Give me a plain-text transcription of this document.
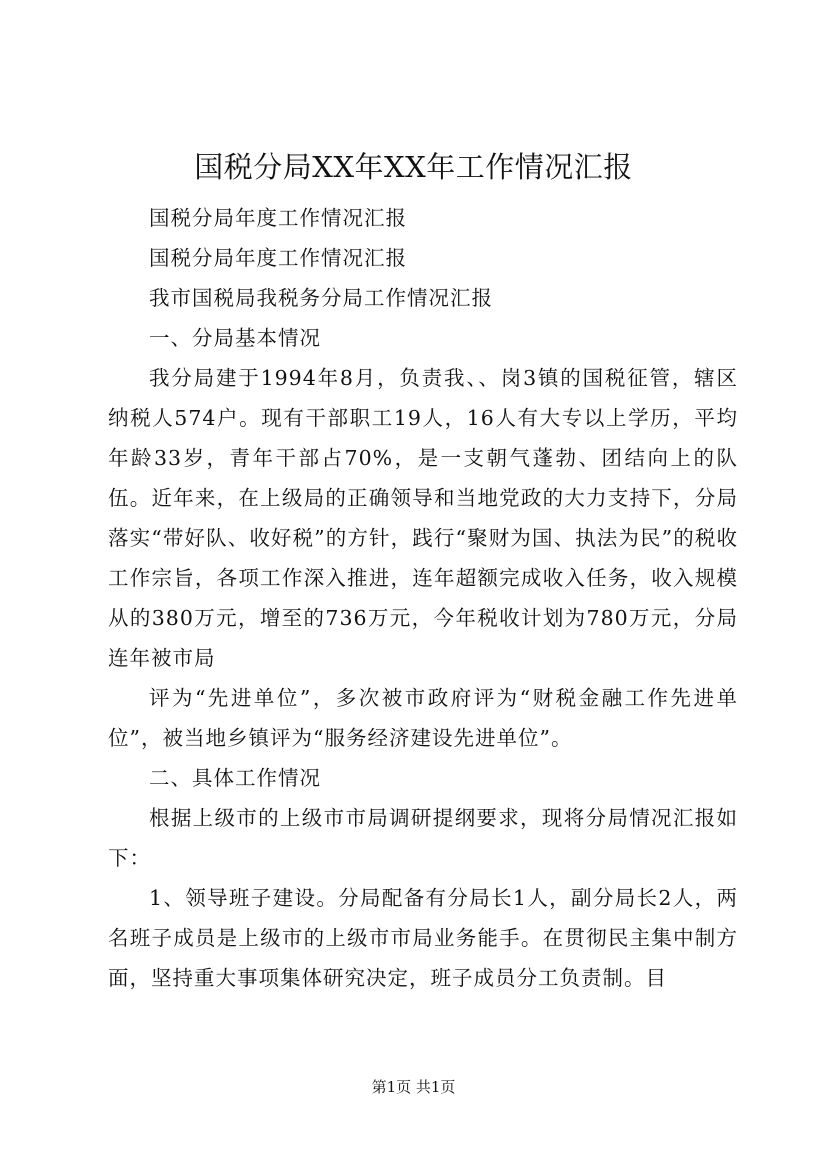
国税分局XX年XX年工作情况汇报

国税分局年度工作情况汇报

国税分局年度工作情况汇报

我市国税局我税务分局工作情况汇报

一、分局基本情况

我分局建于1994年8月，负责我、、岗3镇的国税征管，辖区纳税人574户。现有干部职工19人，16人有大专以上学历，平均年龄33岁，青年干部占70%，是一支朝气蓬勃、团结向上的队伍。近年来，在上级局的正确领导和当地党政的大力支持下，分局落实“带好队、收好税”的方针，践行“聚财为国、执法为民”的税收工作宗旨，各项工作深入推进，连年超额完成收入任务，收入规模从的380万元，增至的736万元，今年税收计划为780万元，分局连年被市局

评为“先进单位”，多次被市政府评为“财税金融工作先进单位”，被当地乡镇评为“服务经济建设先进单位”。

二、具体工作情况

根据上级市的上级市市局调研提纲要求，现将分局情况汇报如下：

1、领导班子建设。分局配备有分局长1人，副分局长2人，两名班子成员是上级市的上级市市局业务能手。在贯彻民主集中制方面，坚持重大事项集体研究决定，班子成员分工负责制。目

第1页 共1页
